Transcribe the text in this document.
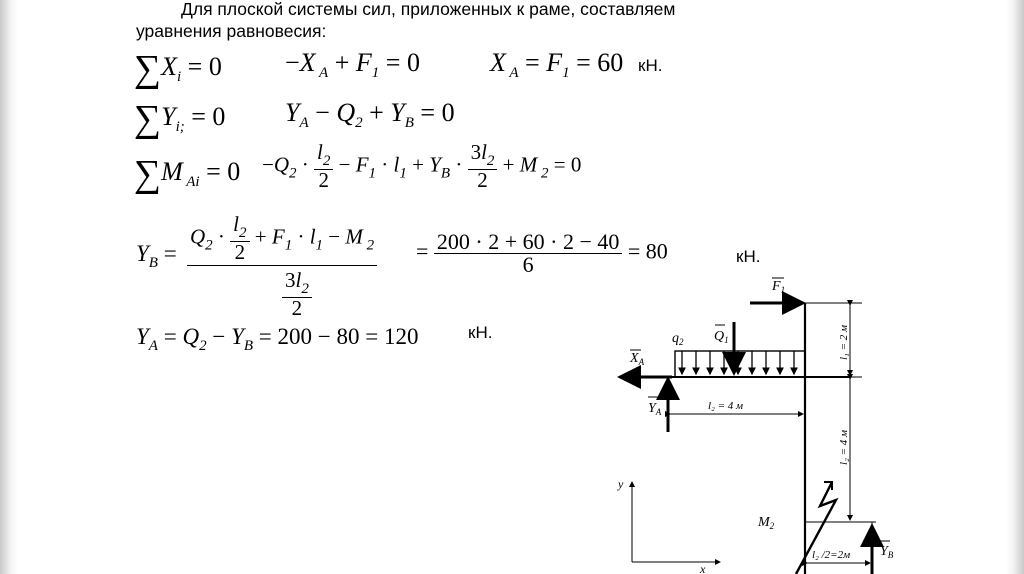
Для плоской системы сил, приложенных к раме, составляем
уравнения равновесия:
$\sum X_i = 0 -X$ $_A + F_1 = 0$	X $_A = F_1 = 60$ кН.
$\sum Y_{i;} = 0$ $Y_A - Q_2 + Y_B = 0$
∑M $_{Ai} = 0 -Q_2 \cdot \frac{l_2}{2} - F_1 \cdot l_1 + Y_B \cdot \frac{3l_2}{2} + M$ $_2$ = 0
$Y_B = \frac{Q_2 \cdot \frac{l_2}{2} + F_1 \cdot l_1 - M _2}{\frac{3l_2}{2}} = \frac{200 \cdot 2 + 60 \cdot 2 - 40}{6} = 80$	кН.
$Y_A = Q_2 - Y_B = 200 - 80 = 120$	кН.	$Q_1$
$q_2$
$F_1$
$X_A$
$Y_A$	l₂ = 4 м
l₁ = 2 м
l₂ = 4 м
l₂ /2=2м
$M_2$
$Y_B$
y
x
